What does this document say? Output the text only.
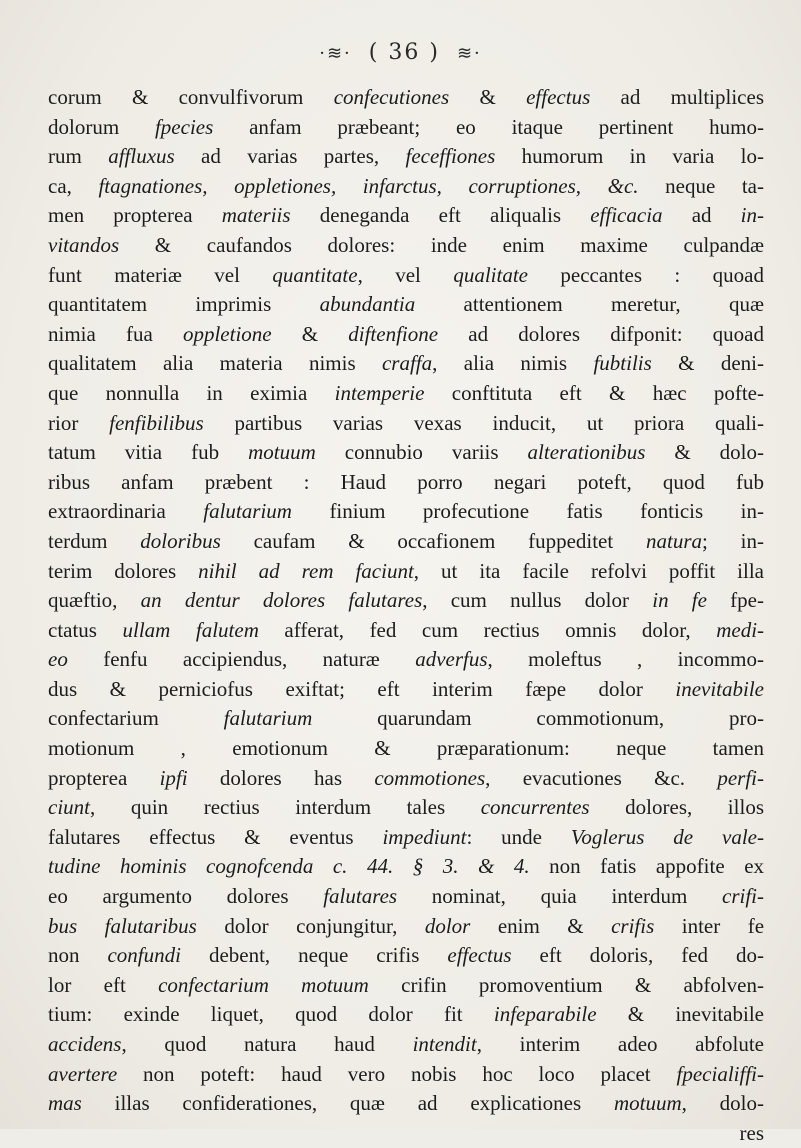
·≋· ( 36 ) ≋·
corum & convulfivorum confecutiones & effectus ad multiplices
dolorum fpecies anfam præbeant; eo itaque pertinent humo-
rum affluxus ad varias partes, feceffiones humorum in varia lo-
ca, ftagnationes, oppletiones, infarctus, corruptiones, &c. neque ta-
men propterea materiis deneganda eft aliqualis efficacia ad in-
vitandos & caufandos dolores: inde enim maxime culpandæ
funt materiæ vel quantitate, vel qualitate peccantes : quoad
quantitatem imprimis abundantia attentionem meretur, quæ
nimia fua oppletione & diftenfione ad dolores difponit: quoad
qualitatem alia materia nimis craffa, alia nimis fubtilis & deni-
que nonnulla in eximia intemperie conftituta eft & hæc pofte-
rior fenfibilibus partibus varias vexas inducit, ut priora quali-
tatum vitia fub motuum connubio variis alterationibus & dolo-
ribus anfam præbent : Haud porro negari poteft, quod fub
extraordinaria falutarium finium profecutione fatis fonticis in-
terdum doloribus caufam & occafionem fuppeditet natura; in-
terim dolores nihil ad rem faciunt, ut ita facile refolvi poffit illa
quæftio, an dentur dolores falutares, cum nullus dolor in fe fpe-
ctatus ullam falutem afferat, fed cum rectius omnis dolor, medi-
eo fenfu accipiendus, naturæ adverfus, moleftus , incommo-
dus & perniciofus exiftat; eft interim fæpe dolor inevitabile
confectarium falutarium quarundam commotionum, pro-
motionum , emotionum & præparationum: neque tamen
propterea ipfi dolores has commotiones, evacutiones &c. perfi-
ciunt, quin rectius interdum tales concurrentes dolores, illos
falutares effectus & eventus impediunt: unde Voglerus de vale-
tudine hominis cognofcenda c. 44. § 3. & 4. non fatis appofite ex
eo argumento dolores falutares nominat, quia interdum crifi-
bus falutaribus dolor conjungitur, dolor enim & crifis inter fe
non confundi debent, neque crifis effectus eft doloris, fed do-
lor eft confectarium motuum crifin promoventium & abfolven-
tium: exinde liquet, quod dolor fit infeparabile & inevitabile
accidens, quod natura haud intendit, interim adeo abfolute
avertere non poteft: haud vero nobis hoc loco placet fpecialiffi-
mas illas confiderationes, quæ ad explicationes motuum, dolo-
res
